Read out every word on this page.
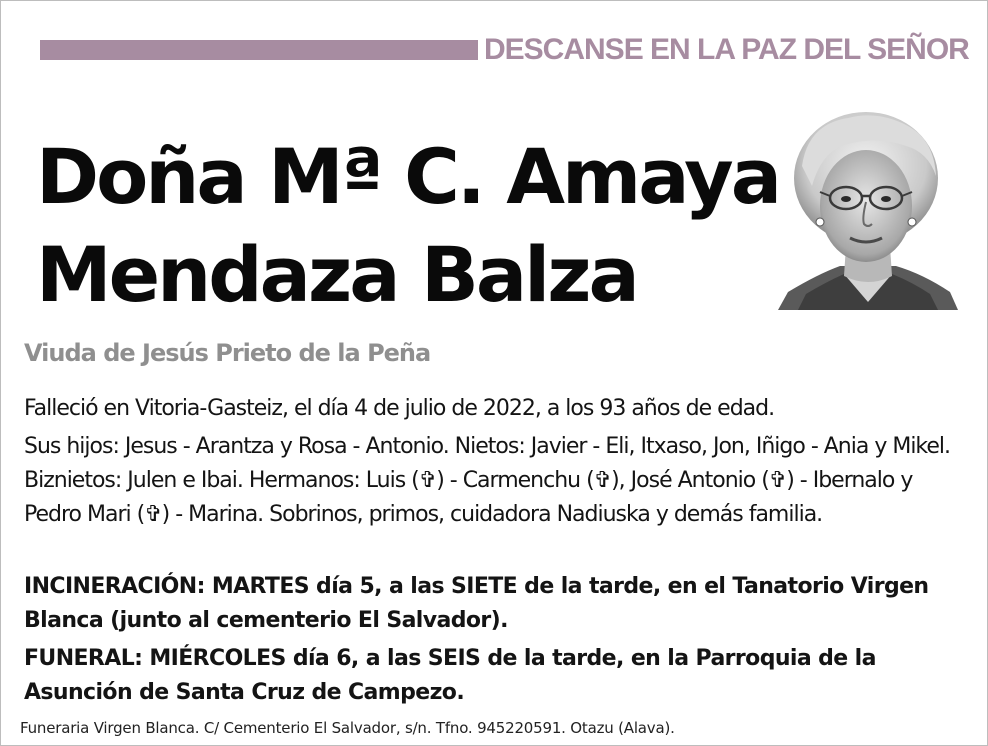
DESCANSE EN LA PAZ DEL SEÑOR
Doña Mª C. Amaya
Mendaza Balza
Viuda de Jesús Prieto de la Peña
Falleció en Vitoria-Gasteiz, el día 4 de julio de 2022, a los 93 años de edad.
Sus hijos: Jesus - Arantza y Rosa - Antonio. Nietos: Javier - Eli, Itxaso, Jon, Iñigo - Ania y Mikel. Biznietos: Julen e Ibai. Hermanos: Luis (✞) - Carmenchu (✞), José Antonio (✞) - Ibernalo y Pedro Mari (✞) - Marina. Sobrinos, primos, cuidadora Nadiuska y demás familia.
INCINERACIÓN: MARTES día 5, a las SIETE de la tarde, en el Tanatorio Virgen Blanca (junto al cementerio El Salvador).
FUNERAL: MIÉRCOLES día 6, a las SEIS de la tarde, en la Parroquia de la Asunción de Santa Cruz de Campezo.
Funeraria Virgen Blanca. C/ Cementerio El Salvador, s/n. Tfno. 945220591. Otazu (Alava).
